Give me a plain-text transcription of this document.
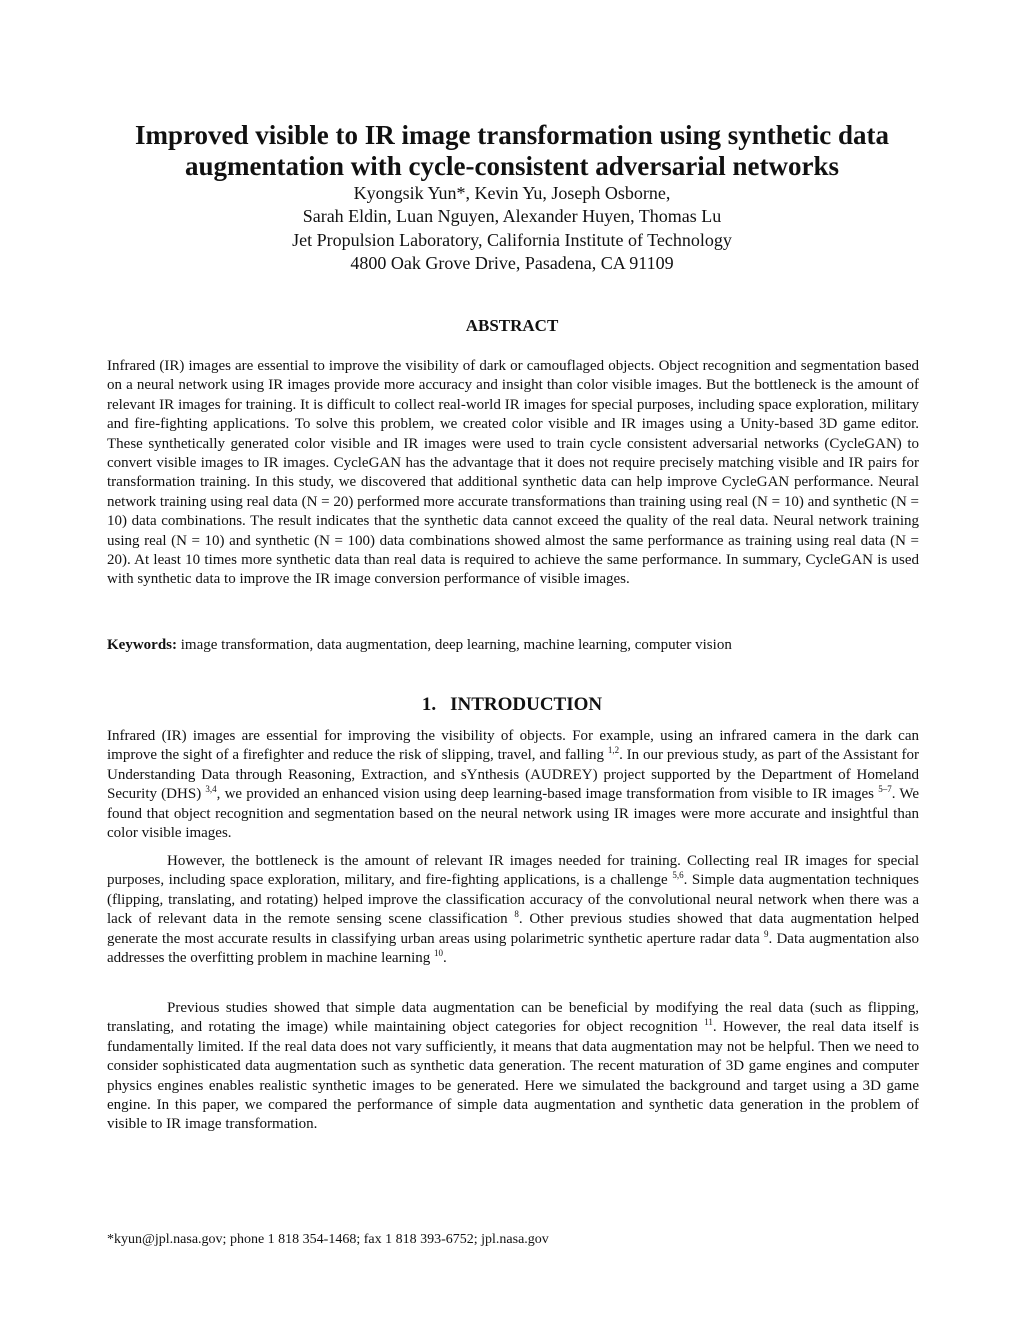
Improved visible to IR image transformation using synthetic data
augmentation with cycle-consistent adversarial networks
Kyongsik Yun*, Kevin Yu, Joseph Osborne,
Sarah Eldin, Luan Nguyen, Alexander Huyen, Thomas Lu
Jet Propulsion Laboratory, California Institute of Technology
4800 Oak Grove Drive, Pasadena, CA 91109
ABSTRACT

Infrared (IR) images are essential to improve the visibility of dark or camouflaged objects. Object recognition and segmentation based on a neural network using IR images provide more accuracy and insight than color visible images. But the bottleneck is the amount of relevant IR images for training. It is difficult to collect real-world IR images for special purposes, including space exploration, military and fire-fighting applications. To solve this problem, we created color visible and IR images using a Unity-based 3D game editor. These synthetically generated color visible and IR images were used to train cycle consistent adversarial networks (CycleGAN) to convert visible images to IR images. CycleGAN has the advantage that it does not require precisely matching visible and IR pairs for transformation training. In this study, we discovered that additional synthetic data can help improve CycleGAN performance. Neural network training using real data (N = 20) performed more accurate transformations than training using real (N = 10) and synthetic (N = 10) data combinations. The result indicates that the synthetic data cannot exceed the quality of the real data. Neural network training using real (N = 10) and synthetic (N = 100) data combinations showed almost the same performance as training using real data (N = 20). At least 10 times more synthetic data than real data is required to achieve the same performance. In summary, CycleGAN is used with synthetic data to improve the IR image conversion performance of visible images.

Keywords: image transformation, data augmentation, deep learning, machine learning, computer vision

1. INTRODUCTION

Infrared (IR) images are essential for improving the visibility of objects. For example, using an infrared camera in the dark can improve the sight of a firefighter and reduce the risk of slipping, travel, and falling $^{1,2}$. In our previous study, as part of the Assistant for Understanding Data through Reasoning, Extraction, and sYnthesis (AUDREY) project supported by the Department of Homeland Security (DHS) $^{3,4}$, we provided an enhanced vision using deep learning-based image transformation from visible to IR images $^{5-7}$. We found that object recognition and segmentation based on the neural network using IR images were more accurate and insightful than color visible images.

However, the bottleneck is the amount of relevant IR images needed for training. Collecting real IR images for special purposes, including space exploration, military, and fire-fighting applications, is a challenge $^{5,6}$. Simple data augmentation techniques (flipping, translating, and rotating) helped improve the classification accuracy of the convolutional neural network when there was a lack of relevant data in the remote sensing scene classification $^8$. Other previous studies showed that data augmentation helped generate the most accurate results in classifying urban areas using polarimetric synthetic aperture radar data $^9$. Data augmentation also addresses the overfitting problem in machine learning $^{10}$.

Previous studies showed that simple data augmentation can be beneficial by modifying the real data (such as flipping, translating, and rotating the image) while maintaining object categories for object recognition $^{11}$. However, the real data itself is fundamentally limited. If the real data does not vary sufficiently, it means that data augmentation may not be helpful. Then we need to consider sophisticated data augmentation such as synthetic data generation. The recent maturation of 3D game engines and computer physics engines enables realistic synthetic images to be generated. Here we simulated the background and target using a 3D game engine. In this paper, we compared the performance of simple data augmentation and synthetic data generation in the problem of visible to IR image transformation.

*kyun@jpl.nasa.gov; phone 1 818 354-1468; fax 1 818 393-6752; jpl.nasa.gov
